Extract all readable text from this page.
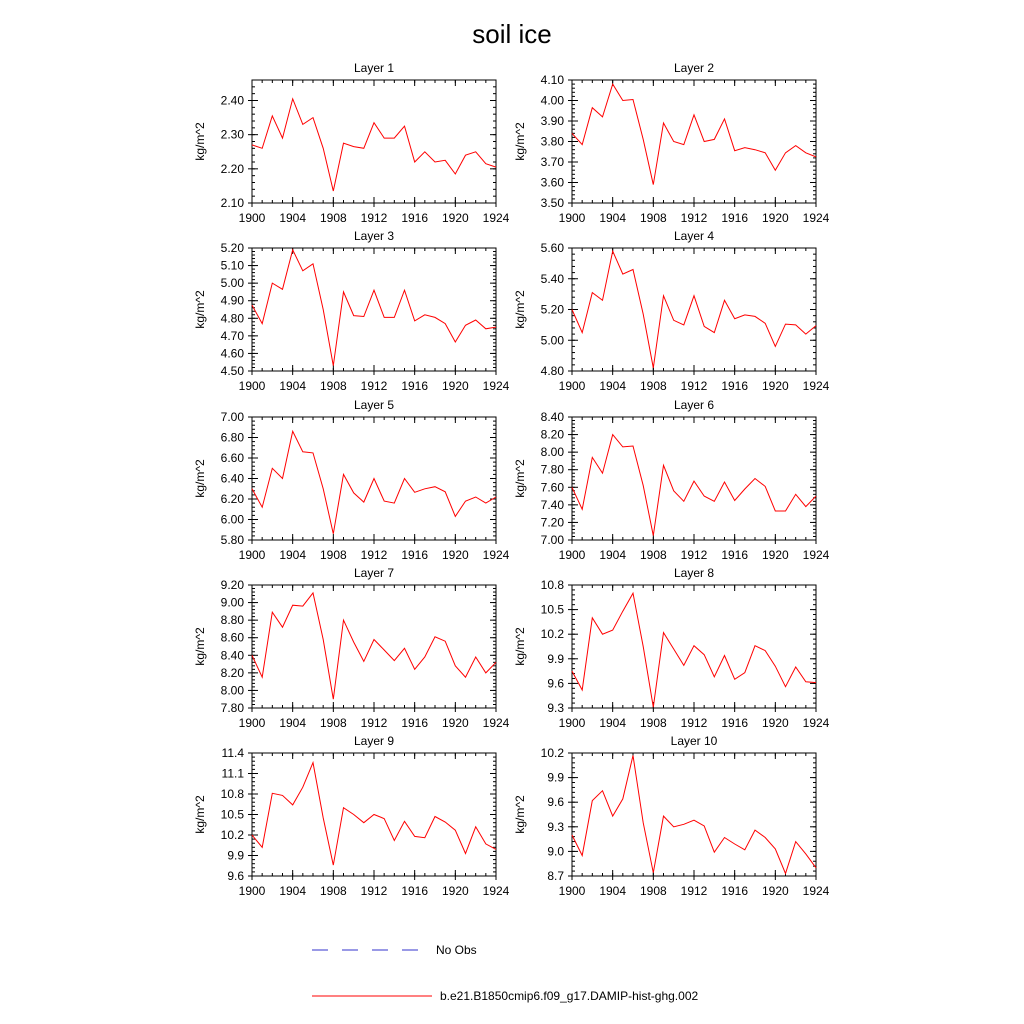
soil ice
Layer 1
1900 1904 1908 1912 1916 1920 1924
2.10
2.20
2.30
2.40
kg/m^2
Layer 2
1900 1904 1908 1912 1916 1920 1924
3.50
3.60
3.70
3.80
3.90
4.00
4.10
kg/m^2
Layer 3
1900 1904 1908 1912 1916 1920 1924
4.50
4.60
4.70
4.80
4.90
5.00
5.10
5.20
kg/m^2
Layer 4
1900 1904 1908 1912 1916 1920 1924
4.80
5.00
5.20
5.40
5.60
kg/m^2
Layer 5
1900 1904 1908 1912 1916 1920 1924
5.80
6.00
6.20
6.40
6.60
6.80
7.00
kg/m^2
Layer 6
1900 1904 1908 1912 1916 1920 1924
7.00
7.20
7.40
7.60
7.80
8.00
8.20
8.40
kg/m^2
Layer 7
1900 1904 1908 1912 1916 1920 1924
7.80
8.00
8.20
8.40
8.60
8.80
9.00
9.20
kg/m^2
Layer 8
1900 1904 1908 1912 1916 1920 1924
9.3
9.6
9.9
10.2
10.5
10.8
kg/m^2
Layer 9
1900 1904 1908 1912 1916 1920 1924
9.6
9.9
10.2
10.5
10.8
11.1
11.4
kg/m^2
Layer 10
1900 1904 1908 1912 1916 1920 1924
8.7
9.0
9.3
9.6
9.9
10.2
kg/m^2
No Obs
b.e21.B1850cmip6.f09_g17.DAMIP-hist-ghg.002
